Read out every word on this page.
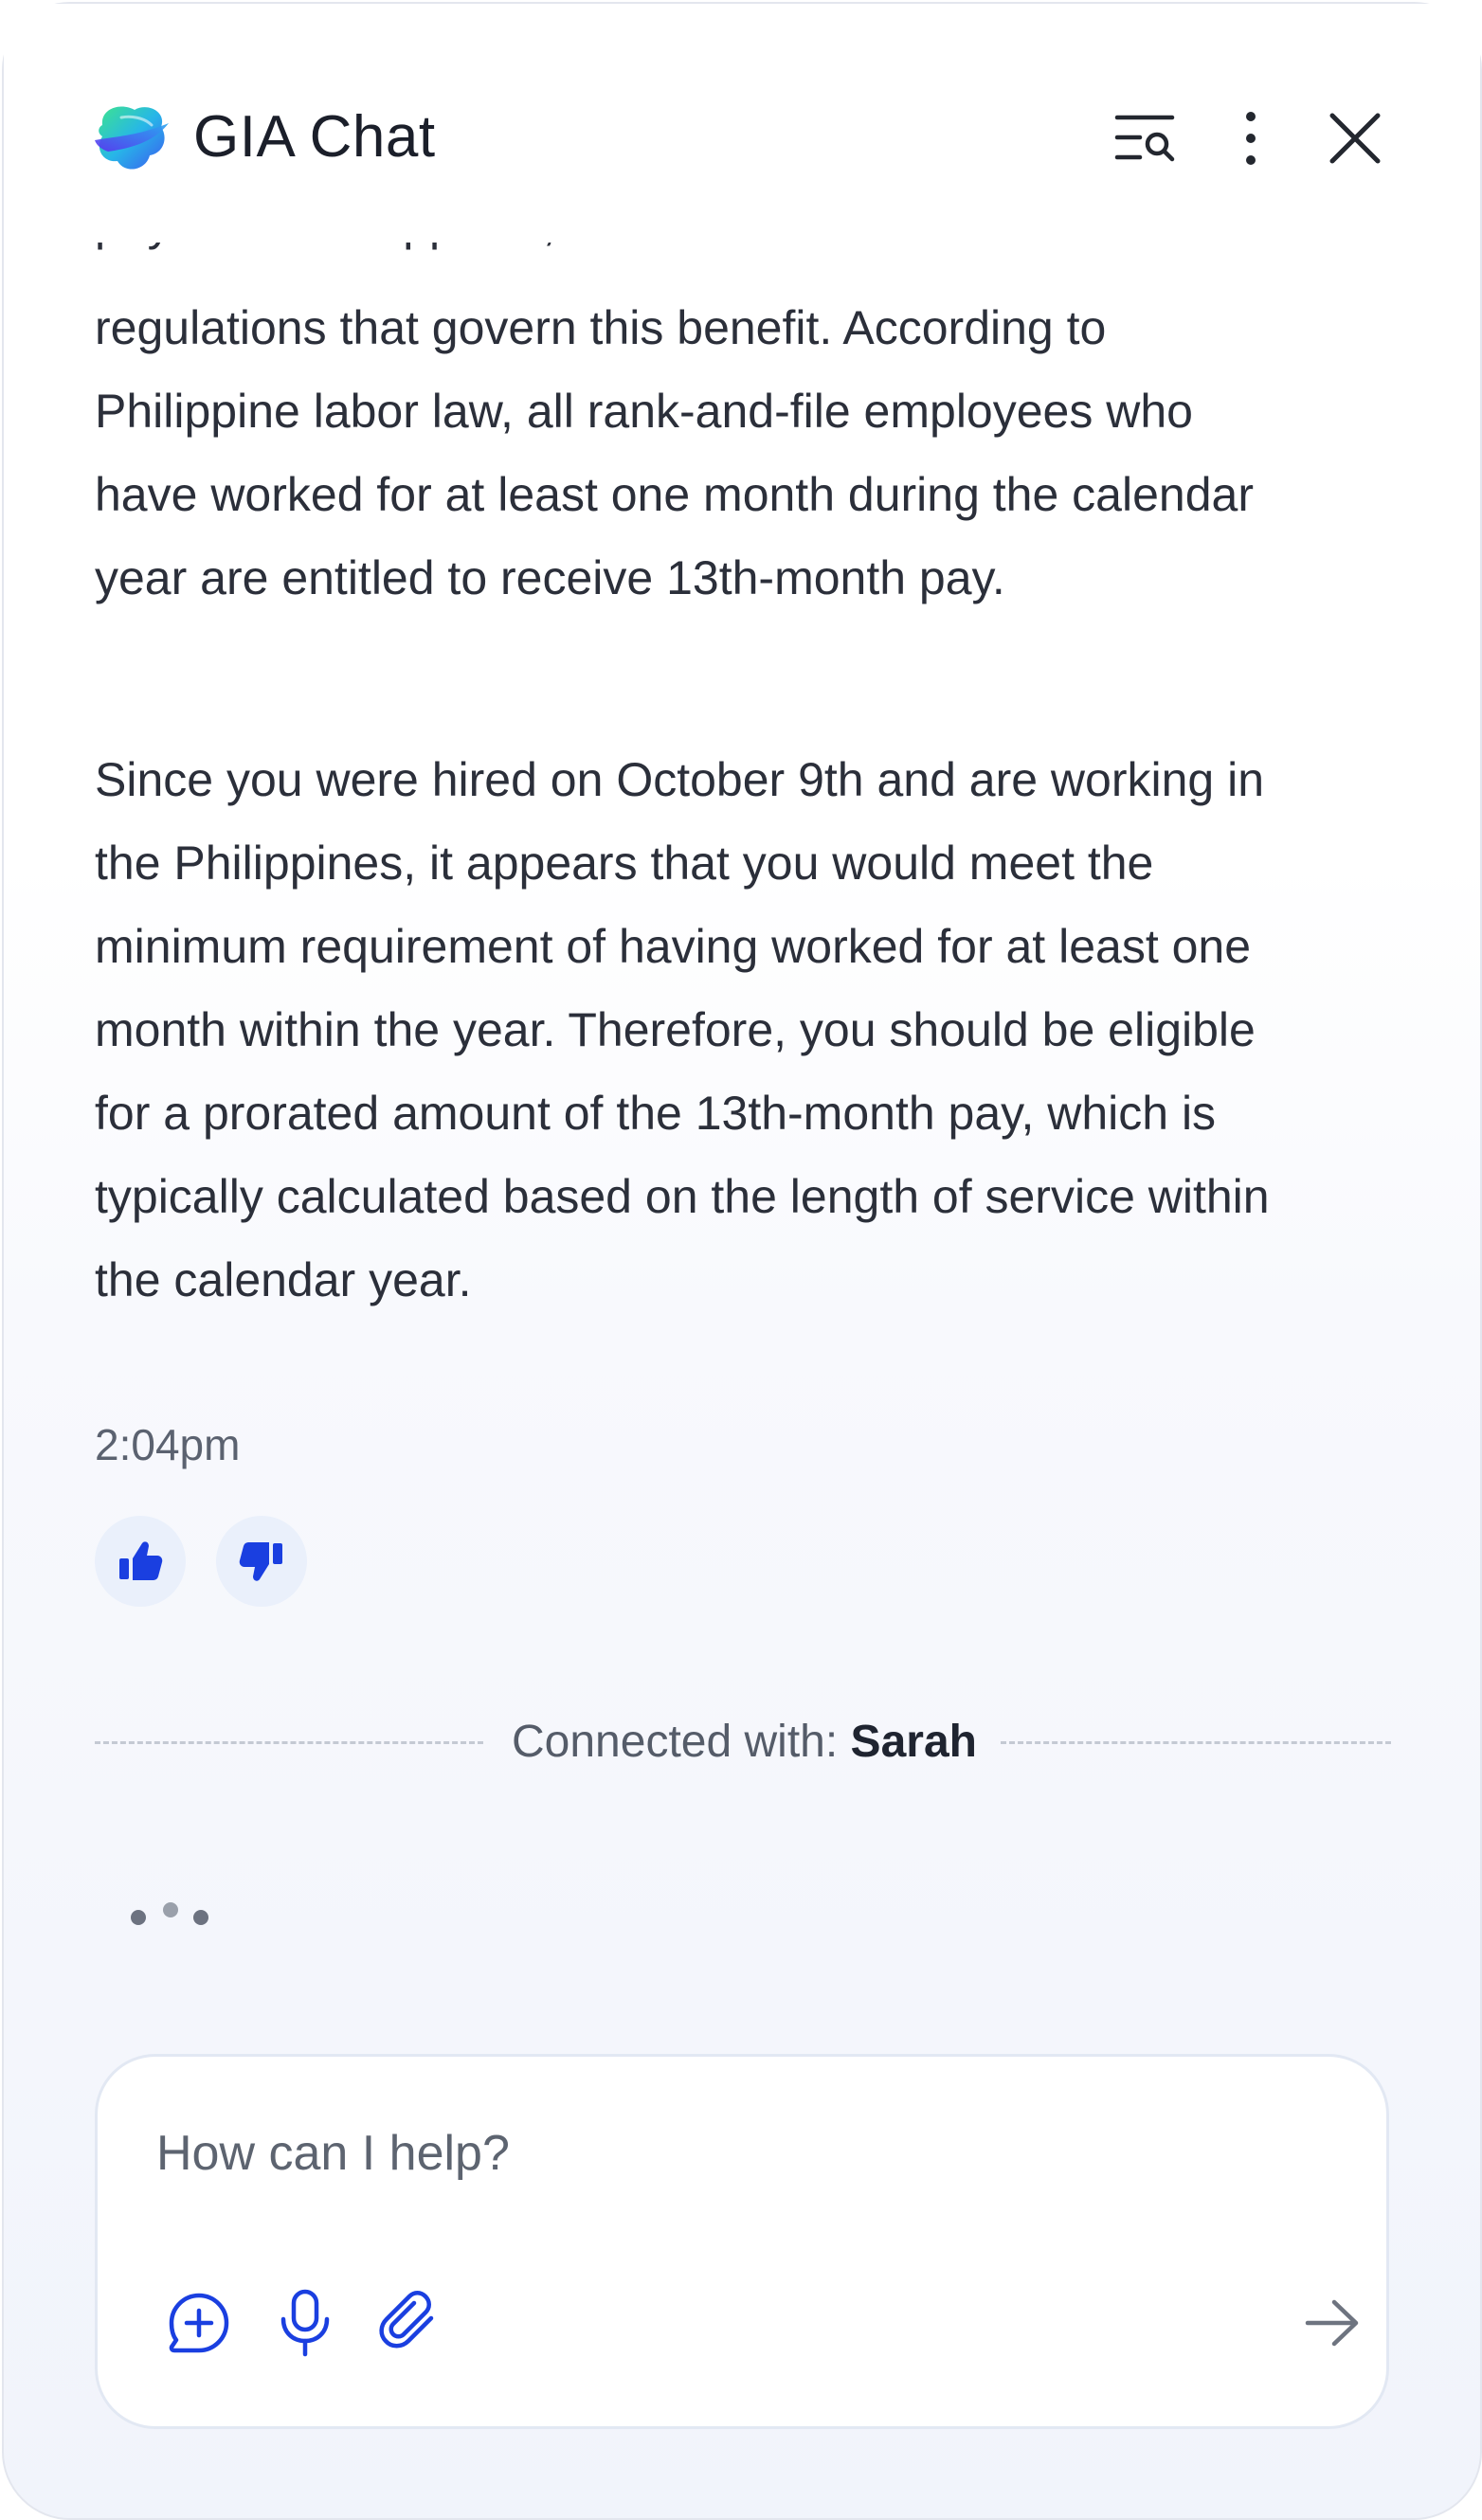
GIA Chat

regulations that govern this benefit. According to Philippine labor law, all rank-and-file employees who have worked for at least one month during the calendar year are entitled to receive 13th-month pay.

Since you were hired on October 9th and are working in the Philippines, it appears that you would meet the minimum requirement of having worked for at least one month within the year. Therefore, you should be eligible for a prorated amount of the 13th-month pay, which is typically calculated based on the length of service within the calendar year.

2:04pm
Connected with: Sarah
How can I help?
